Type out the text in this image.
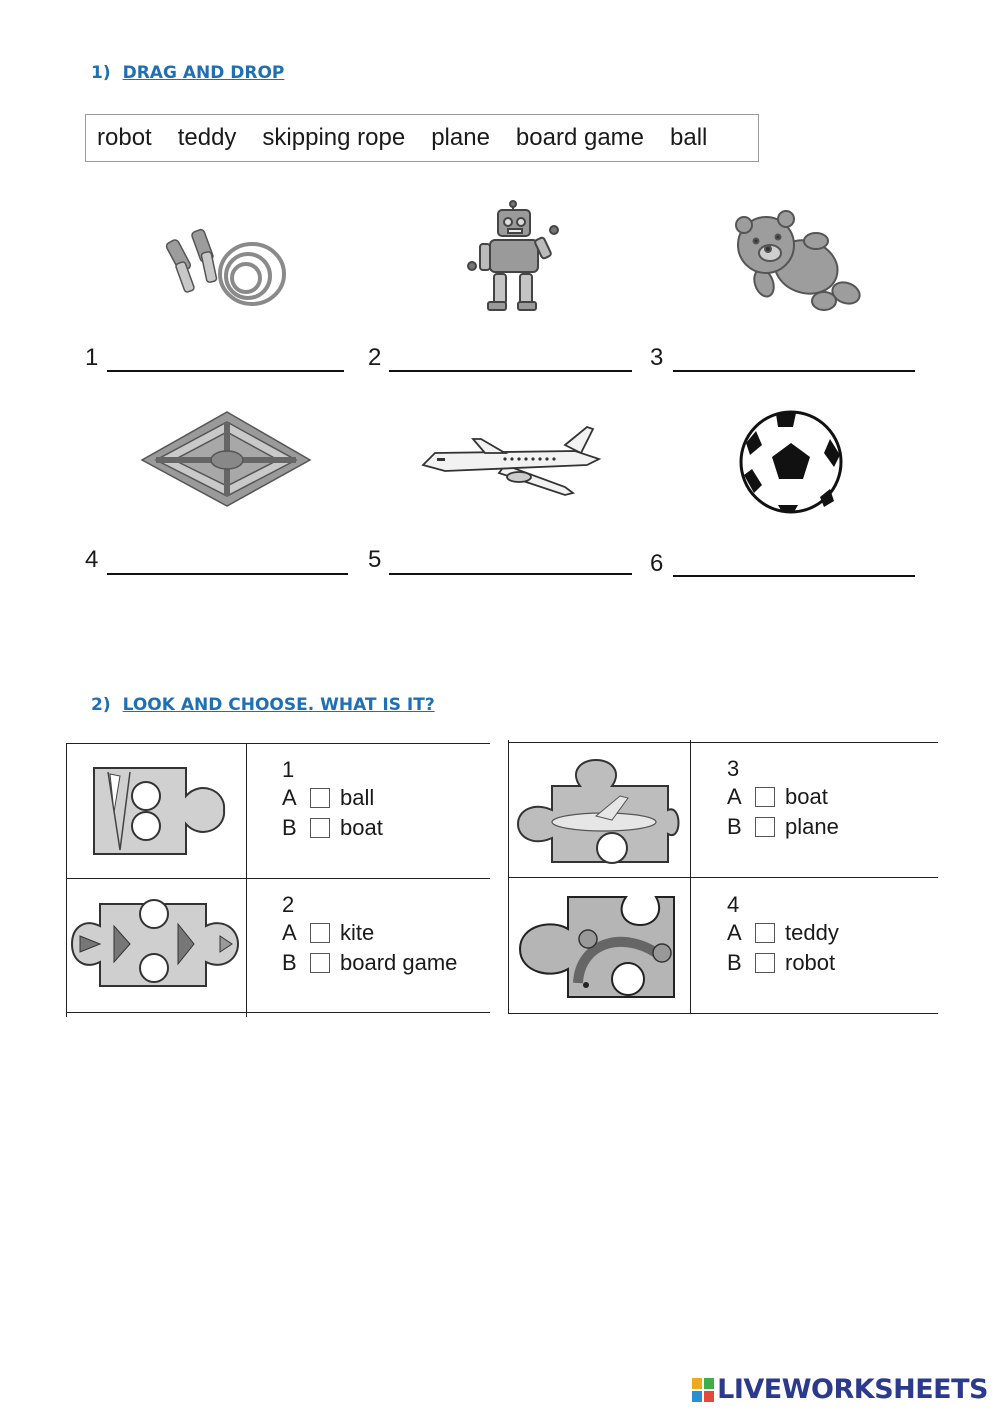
1) DRAG AND DROP
robot teddy skipping rope plane board game ball
1	2	3
4	5	6
2) LOOK AND CHOOSE. WHAT IS IT?
1
A	ball
B	boat
2
A	kite
B	board game
3
A	boat
B	plane
4
A	teddy
B	robot
LIVEWORKSHEETS
